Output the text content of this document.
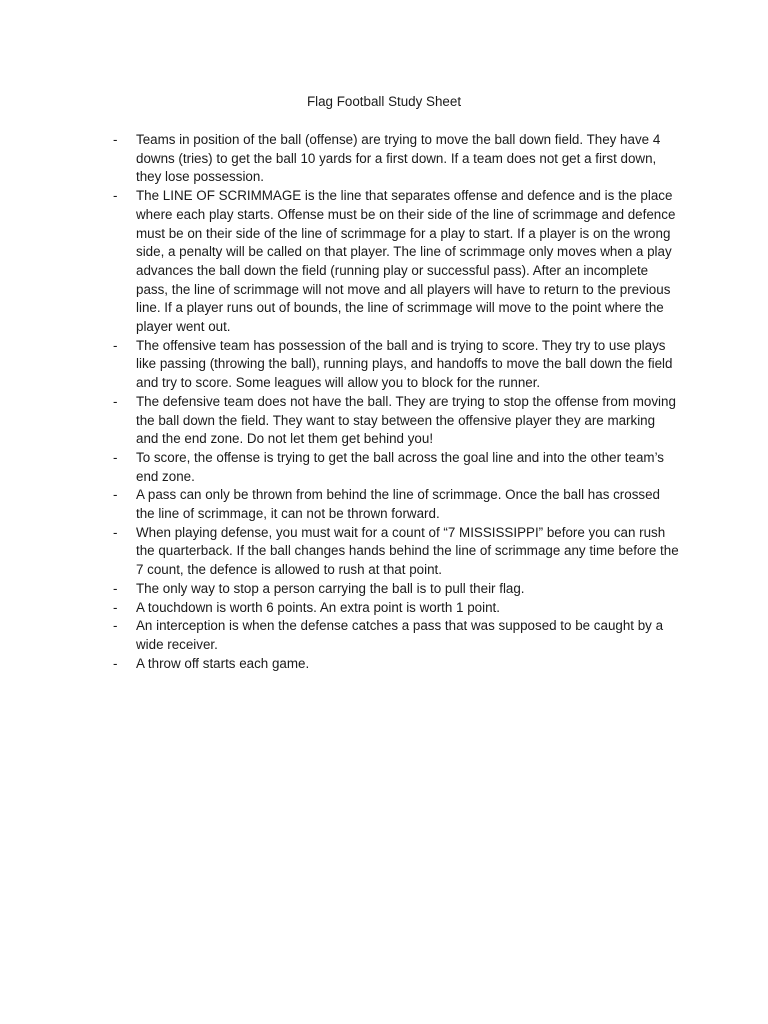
Flag Football Study Sheet
- Teams in position of the ball (offense) are trying to move the ball down field. They have 4 downs (tries) to get the ball 10 yards for a first down. If a team does not get a first down, they lose possession.
- The LINE OF SCRIMMAGE is the line that separates offense and defence and is the place where each play starts. Offense must be on their side of the line of scrimmage and defence must be on their side of the line of scrimmage for a play to start. If a player is on the wrong side, a penalty will be called on that player. The line of scrimmage only moves when a play advances the ball down the field (running play or successful pass). After an incomplete pass, the line of scrimmage will not move and all players will have to return to the previous line. If a player runs out of bounds, the line of scrimmage will move to the point where the player went out.
- The offensive team has possession of the ball and is trying to score. They try to use plays like passing (throwing the ball), running plays, and handoffs to move the ball down the field and try to score. Some leagues will allow you to block for the runner.
- The defensive team does not have the ball. They are trying to stop the offense from moving the ball down the field. They want to stay between the offensive player they are marking and the end zone. Do not let them get behind you!
- To score, the offense is trying to get the ball across the goal line and into the other team’s end zone.
- A pass can only be thrown from behind the line of scrimmage. Once the ball has crossed the line of scrimmage, it can not be thrown forward.
- When playing defense, you must wait for a count of “7 MISSISSIPPI” before you can rush the quarterback. If the ball changes hands behind the line of scrimmage any time before the 7 count, the defence is allowed to rush at that point.
- The only way to stop a person carrying the ball is to pull their flag.
- A touchdown is worth 6 points. An extra point is worth 1 point.
- An interception is when the defense catches a pass that was supposed to be caught by a wide receiver.
- A throw off starts each game.
